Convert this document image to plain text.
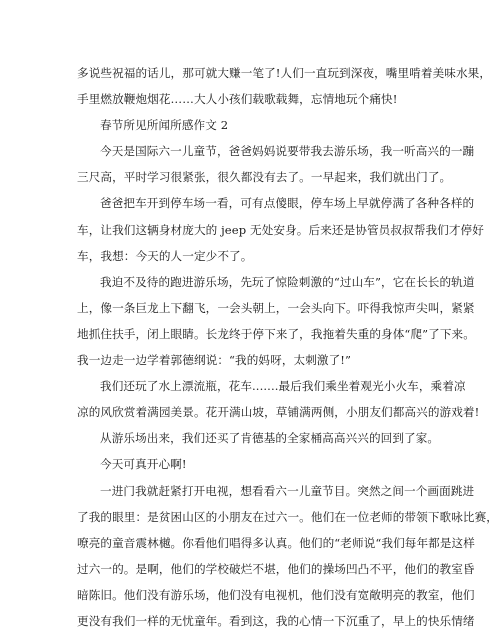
多说些祝福的话儿，那可就大赚一笔了!人们一直玩到深夜，嘴里啃着美味水果，
手里燃放鞭炮烟花……大人小孩们载歌载舞，忘情地玩个痛快!
春节所见所闻所感作文 2
今天是国际六一儿童节，爸爸妈妈说要带我去游乐场，我一听高兴的一蹦
三尺高，平时学习很紧张，很久都没有去了。一早起来，我们就出门了。
爸爸把车开到停车场一看，可有点傻眼，停车场上早就停满了各种各样的
车，让我们这辆身材庞大的 jeep 无处安身。后来还是协管员叔叔帮我们才停好
车，我想：今天的人一定少不了。
我迫不及待的跑进游乐场，先玩了惊险刺激的“过山车”，它在长长的轨道
上，像一条巨龙上下翻飞，一会头朝上，一会头向下。吓得我惊声尖叫，紧紧
地抓住扶手，闭上眼睛。长龙终于停下来了，我拖着失重的身体“爬”了下来。
我一边走一边学着郭德纲说：“我的妈呀，太刺激了!”
我们还玩了水上漂流瓶，花车.......最后我们乘坐着观光小火车，乘着凉
凉的风欣赏着满园美景。花开满山坡，草铺满两侧，小朋友们都高兴的游戏着!
从游乐场出来，我们还买了肯德基的全家桶高高兴兴的回到了家。
今天可真开心啊!
一进门我就赶紧打开电视，想看看六一儿童节目。突然之间一个画面跳进
了我的眼里：是贫困山区的小朋友在过六一。他们在一位老师的带领下歌咏比赛，
嘹亮的童音震林樾。你看他们唱得多认真。他们的“老师说“我们每年都是这样
过六一的。是啊，他们的学校破烂不堪，他们的操场凹凸不平，他们的教室昏
暗陈旧。他们没有游乐场，他们没有电视机，他们没有宽敞明亮的教室，他们
更没有我们一样的无忧童年。看到这，我的心情一下沉重了，早上的快乐情绪
